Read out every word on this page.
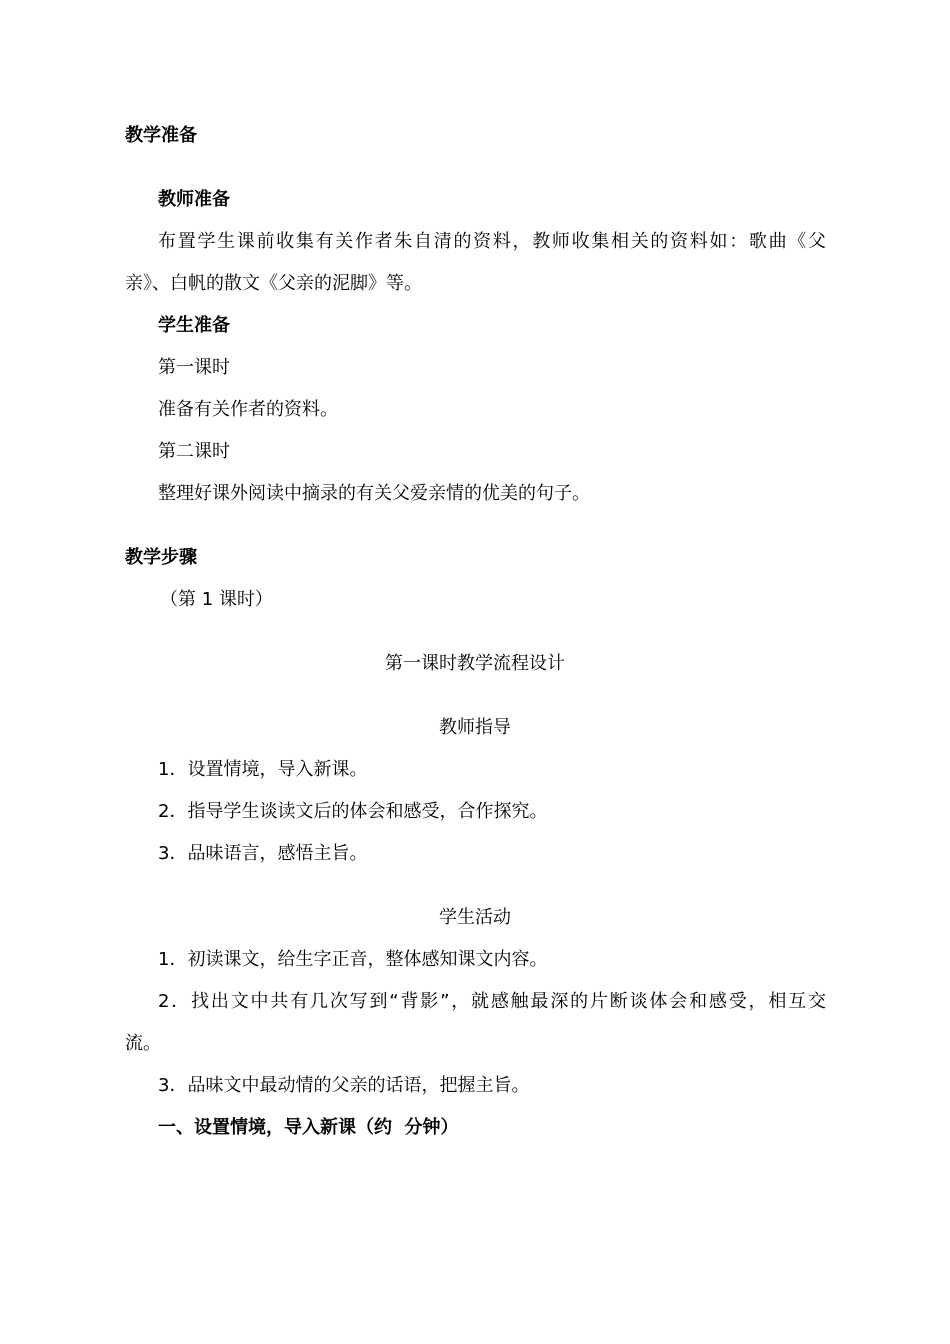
教学准备
教师准备
布置学生课前收集有关作者朱自清的资料，教师收集相关的资料如：歌曲《父
亲》、白帆的散文《父亲的泥脚》等。
学生准备
第一课时
准备有关作者的资料。
第二课时
整理好课外阅读中摘录的有关父爱亲情的优美的句子。
教学步骤
（第 1 课时）
第一课时教学流程设计
教师指导
1．设置情境，导入新课。
2．指导学生谈读文后的体会和感受，合作探究。
3．品味语言，感悟主旨。
学生活动
1．初读课文，给生字正音，整体感知课文内容。
2．找出文中共有几次写到“背影”，就感触最深的片断谈体会和感受，相互交
流。
3．品味文中最动情的父亲的话语，把握主旨。
一、设置情境，导入新课（约  分钟）
